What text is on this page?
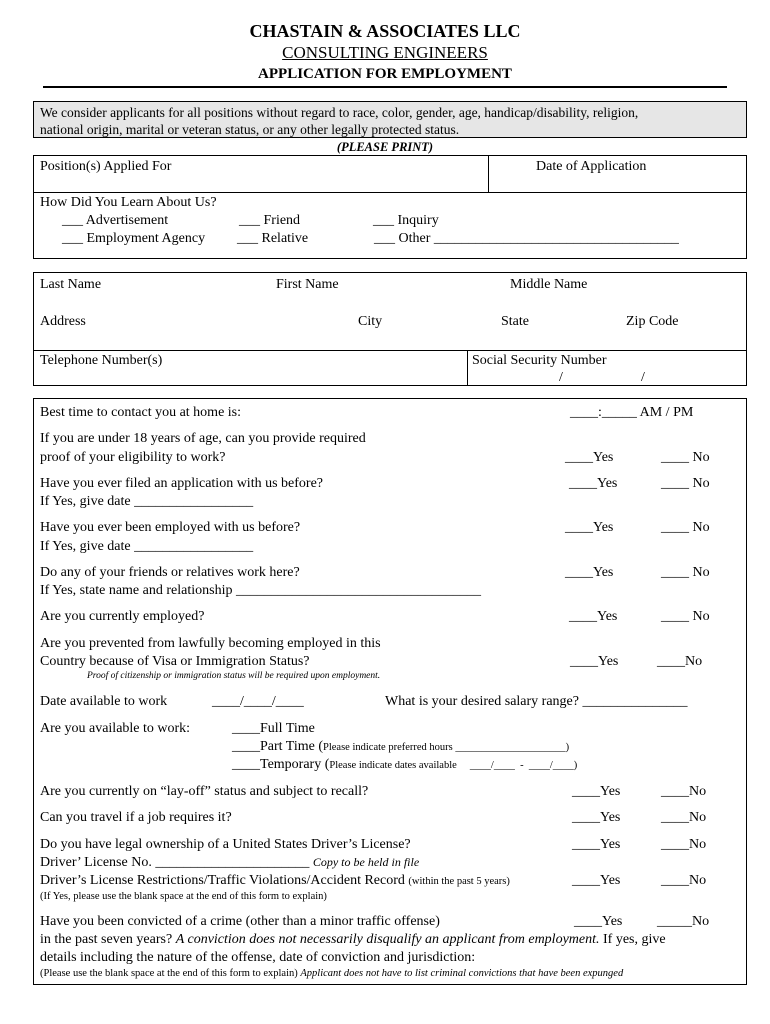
CHASTAIN & ASSOCIATES LLC
CONSULTING ENGINEERS
APPLICATION FOR EMPLOYMENT
We consider applicants for all positions without regard to race, color, gender, age, handicap/disability, religion,
national origin, marital or veteran status, or any other legally protected status.
(PLEASE PRINT)
Position(s) Applied For	Date of Application
How Did You Learn About Us?
___ Advertisement	___ Friend	___ Inquiry
___ Employment Agency ___ Relative	___ Other ___________________________________
Last Name	First Name	Middle Name
Address	City	State	Zip Code
Telephone Number(s)	Social Security Number
/	/
Best time to contact you at home is:	____:_____ AM / PM
If you are under 18 years of age, can you provide required
proof of your eligibility to work?	____Yes	____ No
Have you ever filed an application with us before?
If Yes, give date _________________
____Yes	____ No
Have you ever been employed with us before?
If Yes, give date _________________
____Yes	____ No
Do any of your friends or relatives work here?
If Yes, state name and relationship ___________________________________
____Yes	____ No
Are you currently employed?	____Yes	____ No
Are you prevented from lawfully becoming employed in this
Country because of Visa or Immigration Status?	____Yes	____No
Proof of citizenship or immigration status will be required upon employment.
Date available to work	____/____/____	What is your desired salary range? _______________
Are you available to work:	____Full Time
____Part Time (Please indicate preferred hours _____________________)
____Temporary (Please indicate dates available     ____/____  -  ____/____)
Are you currently on “lay-off” status and subject to recall?	____Yes	____No
Can you travel if a job requires it?	____Yes	____No
Do you have legal ownership of a United States Driver’s License?	____Yes	____No
Driver’ License No. ______________________ Copy to be held in file
Driver’s License Restrictions/Traffic Violations/Accident Record (within the past 5 years)	____Yes	____No
(If Yes, please use the blank space at the end of this form to explain)
Have you been convicted of a crime (other than a minor traffic offense)	____Yes _____No
in the past seven years? A conviction does not necessarily disqualify an applicant from employment. If yes, give
details including the nature of the offense, date of conviction and jurisdiction:
(Please use the blank space at the end of this form to explain) Applicant does not have to list criminal convictions that have been expunged
